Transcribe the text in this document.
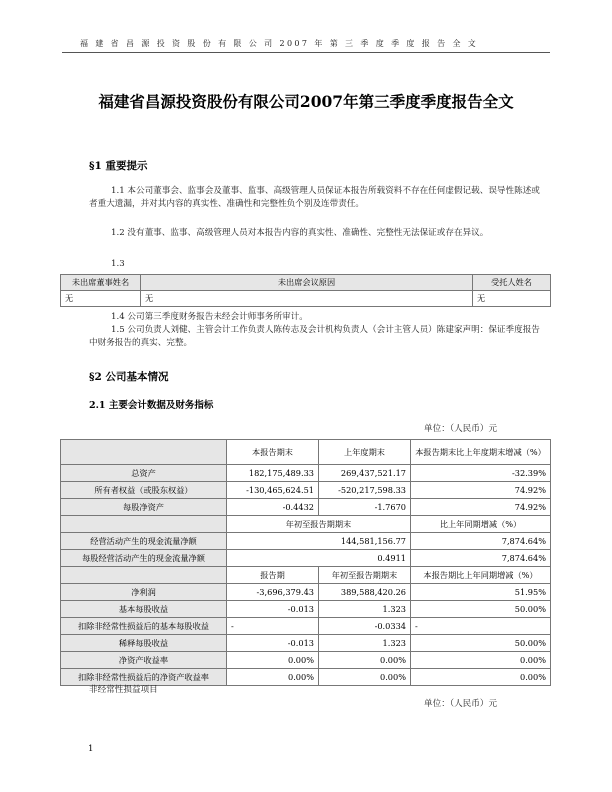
福 建 省 昌 源 投 资 股 份 有 限 公 司 2007 年 第 三 季 度 季 度 报 告 全 文
福建省昌源投资股份有限公司2007年第三季度季度报告全文
§1 重要提示
1.1 本公司董事会、监事会及董事、监事、高级管理人员保证本报告所载资料不存在任何虚假记载、误导性陈述或者重大遗漏，并对其内容的真实性、准确性和完整性负个别及连带责任。
1.2 没有董事、监事、高级管理人员对本报告内容的真实性、准确性、完整性无法保证或存在异议。
1.3
未出席董事姓名	未出席会议原因	受托人姓名
无	无	无
1.4 公司第三季度财务报告未经会计师事务所审计。
1.5 公司负责人刘健、主管会计工作负责人陈传志及会计机构负责人（会计主管人员）陈建家声明：保证季度报告中财务报告的真实、完整。
§2 公司基本情况
2.1 主要会计数据及财务指标
单位：（人民币）元
	本报告期末	上年度期末	本报告期末比上年度期末增减（%）
总资产	182,175,489.33	269,437,521.17	-32.39%
所有者权益（或股东权益）	-130,465,624.51	-520,217,598.33	74.92%
每股净资产	-0.4432	-1.7670	74.92%
	年初至报告期期末		比上年同期增减（%）
经营活动产生的现金流量净额	144,581,156.77		7,874.64%
每股经营活动产生的现金流量净额	0.4911		7,874.64%
	报告期	年初至报告期期末	本报告期比上年同期增减（%）
净利润	-3,696,379.43	389,588,420.26	51.95%
基本每股收益	-0.013	1.323	50.00%
扣除非经常性损益后的基本每股收益	-	-0.0334	-
稀释每股收益	-0.013	1.323	50.00%
净资产收益率	0.00%	0.00%	0.00%
扣除非经常性损益后的净资产收益率	0.00%	0.00%	0.00%
非经常性损益项目
单位：（人民币）元
1
